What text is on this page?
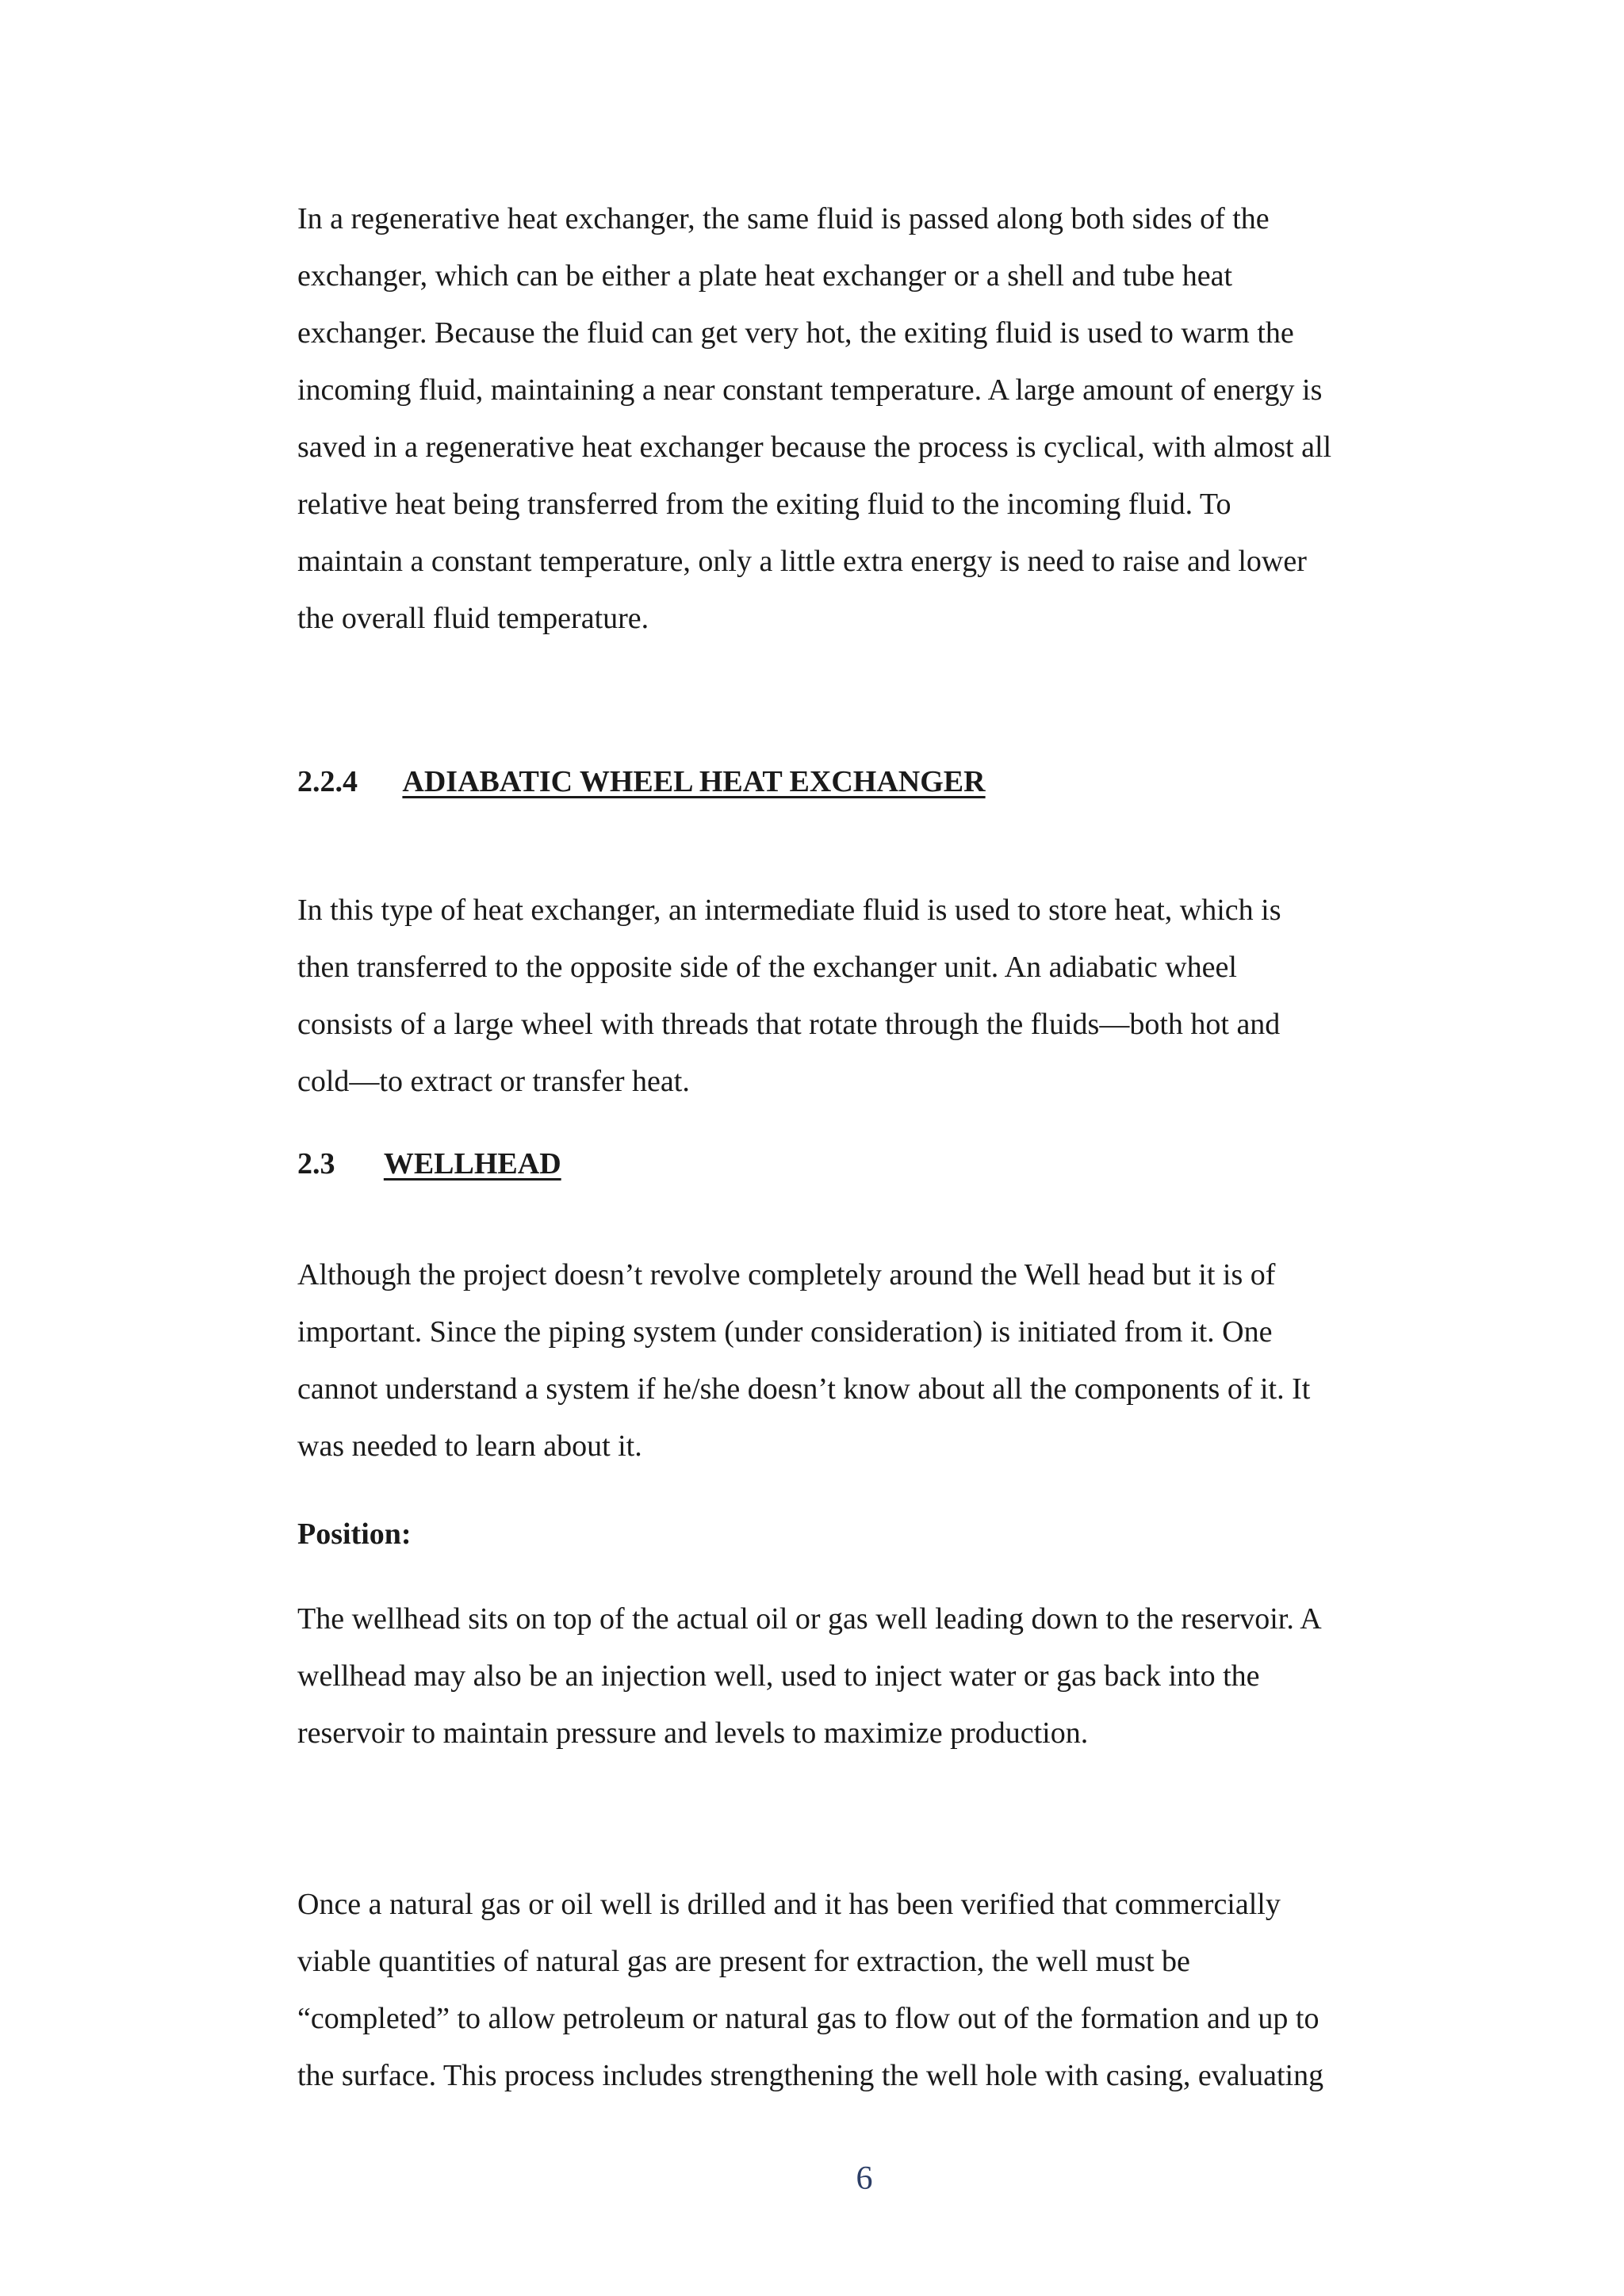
In a regenerative heat exchanger, the same fluid is passed along both sides of the
exchanger, which can be either a plate heat exchanger or a shell and tube heat
exchanger. Because the fluid can get very hot, the exiting fluid is used to warm the
incoming fluid, maintaining a near constant temperature. A large amount of energy is
saved in a regenerative heat exchanger because the process is cyclical, with almost all
relative heat being transferred from the exiting fluid to the incoming fluid. To
maintain a constant temperature, only a little extra energy is need to raise and lower
the overall fluid temperature.
2.2.4 ADIABATIC WHEEL HEAT EXCHANGER
In this type of heat exchanger, an intermediate fluid is used to store heat, which is
then transferred to the opposite side of the exchanger unit. An adiabatic wheel
consists of a large wheel with threads that rotate through the fluids—both hot and
cold—to extract or transfer heat.
2.3 WELLHEAD
Although the project doesn’t revolve completely around the Well head but it is of
important. Since the piping system (under consideration) is initiated from it. One
cannot understand a system if he/she doesn’t know about all the components of it. It
was needed to learn about it.
Position:
The wellhead sits on top of the actual oil or gas well leading down to the reservoir. A
wellhead may also be an injection well, used to inject water or gas back into the
reservoir to maintain pressure and levels to maximize production.
Once a natural gas or oil well is drilled and it has been verified that commercially
viable quantities of natural gas are present for extraction, the well must be
“completed” to allow petroleum or natural gas to flow out of the formation and up to
the surface. This process includes strengthening the well hole with casing, evaluating
6
